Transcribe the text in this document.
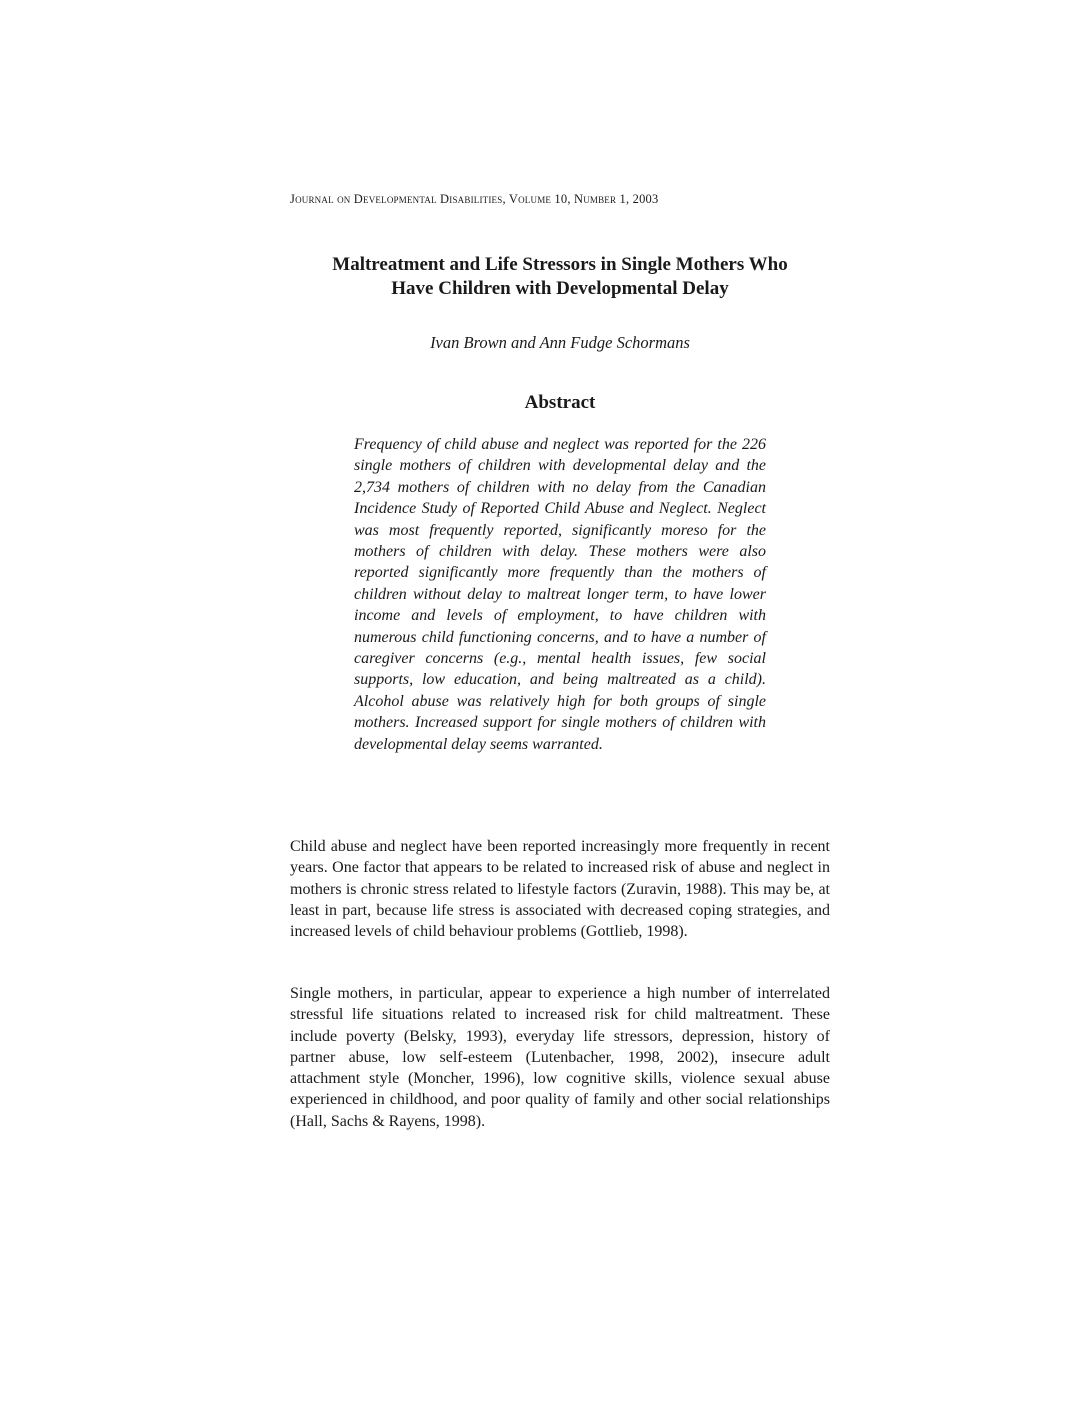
Journal on Developmental Disabilities, Volume 10, Number 1, 2003
Maltreatment and Life Stressors in Single Mothers Who
Have Children with Developmental Delay

Ivan Brown and Ann Fudge Schormans

Abstract

Frequency of child abuse and neglect was reported for the 226 single mothers of children with developmental delay and the 2,734 mothers of children with no delay from the Canadian Incidence Study of Reported Child Abuse and Neglect. Neglect was most frequently reported, significantly moreso for the mothers of children with delay. These mothers were also reported significantly more frequently than the mothers of children without delay to maltreat longer term, to have lower income and levels of employment, to have children with numerous child functioning concerns, and to have a number of caregiver concerns (e.g., mental health issues, few social supports, low education, and being maltreated as a child). Alcohol abuse was relatively high for both groups of single mothers. Increased support for single mothers of children with developmental delay seems warranted.

Child abuse and neglect have been reported increasingly more frequently in recent years. One factor that appears to be related to increased risk of abuse and neglect in mothers is chronic stress related to lifestyle factors (Zuravin, 1988). This may be, at least in part, because life stress is associated with decreased coping strategies, and increased levels of child behaviour problems (Gottlieb, 1998).

Single mothers, in particular, appear to experience a high number of interrelated stressful life situations related to increased risk for child maltreatment. These include poverty (Belsky, 1993), everyday life stressors, depression, history of partner abuse, low self-esteem (Lutenbacher, 1998, 2002), insecure adult attachment style (Moncher, 1996), low cognitive skills, violence sexual abuse experienced in childhood, and poor quality of family and other social relationships (Hall, Sachs & Rayens, 1998).
